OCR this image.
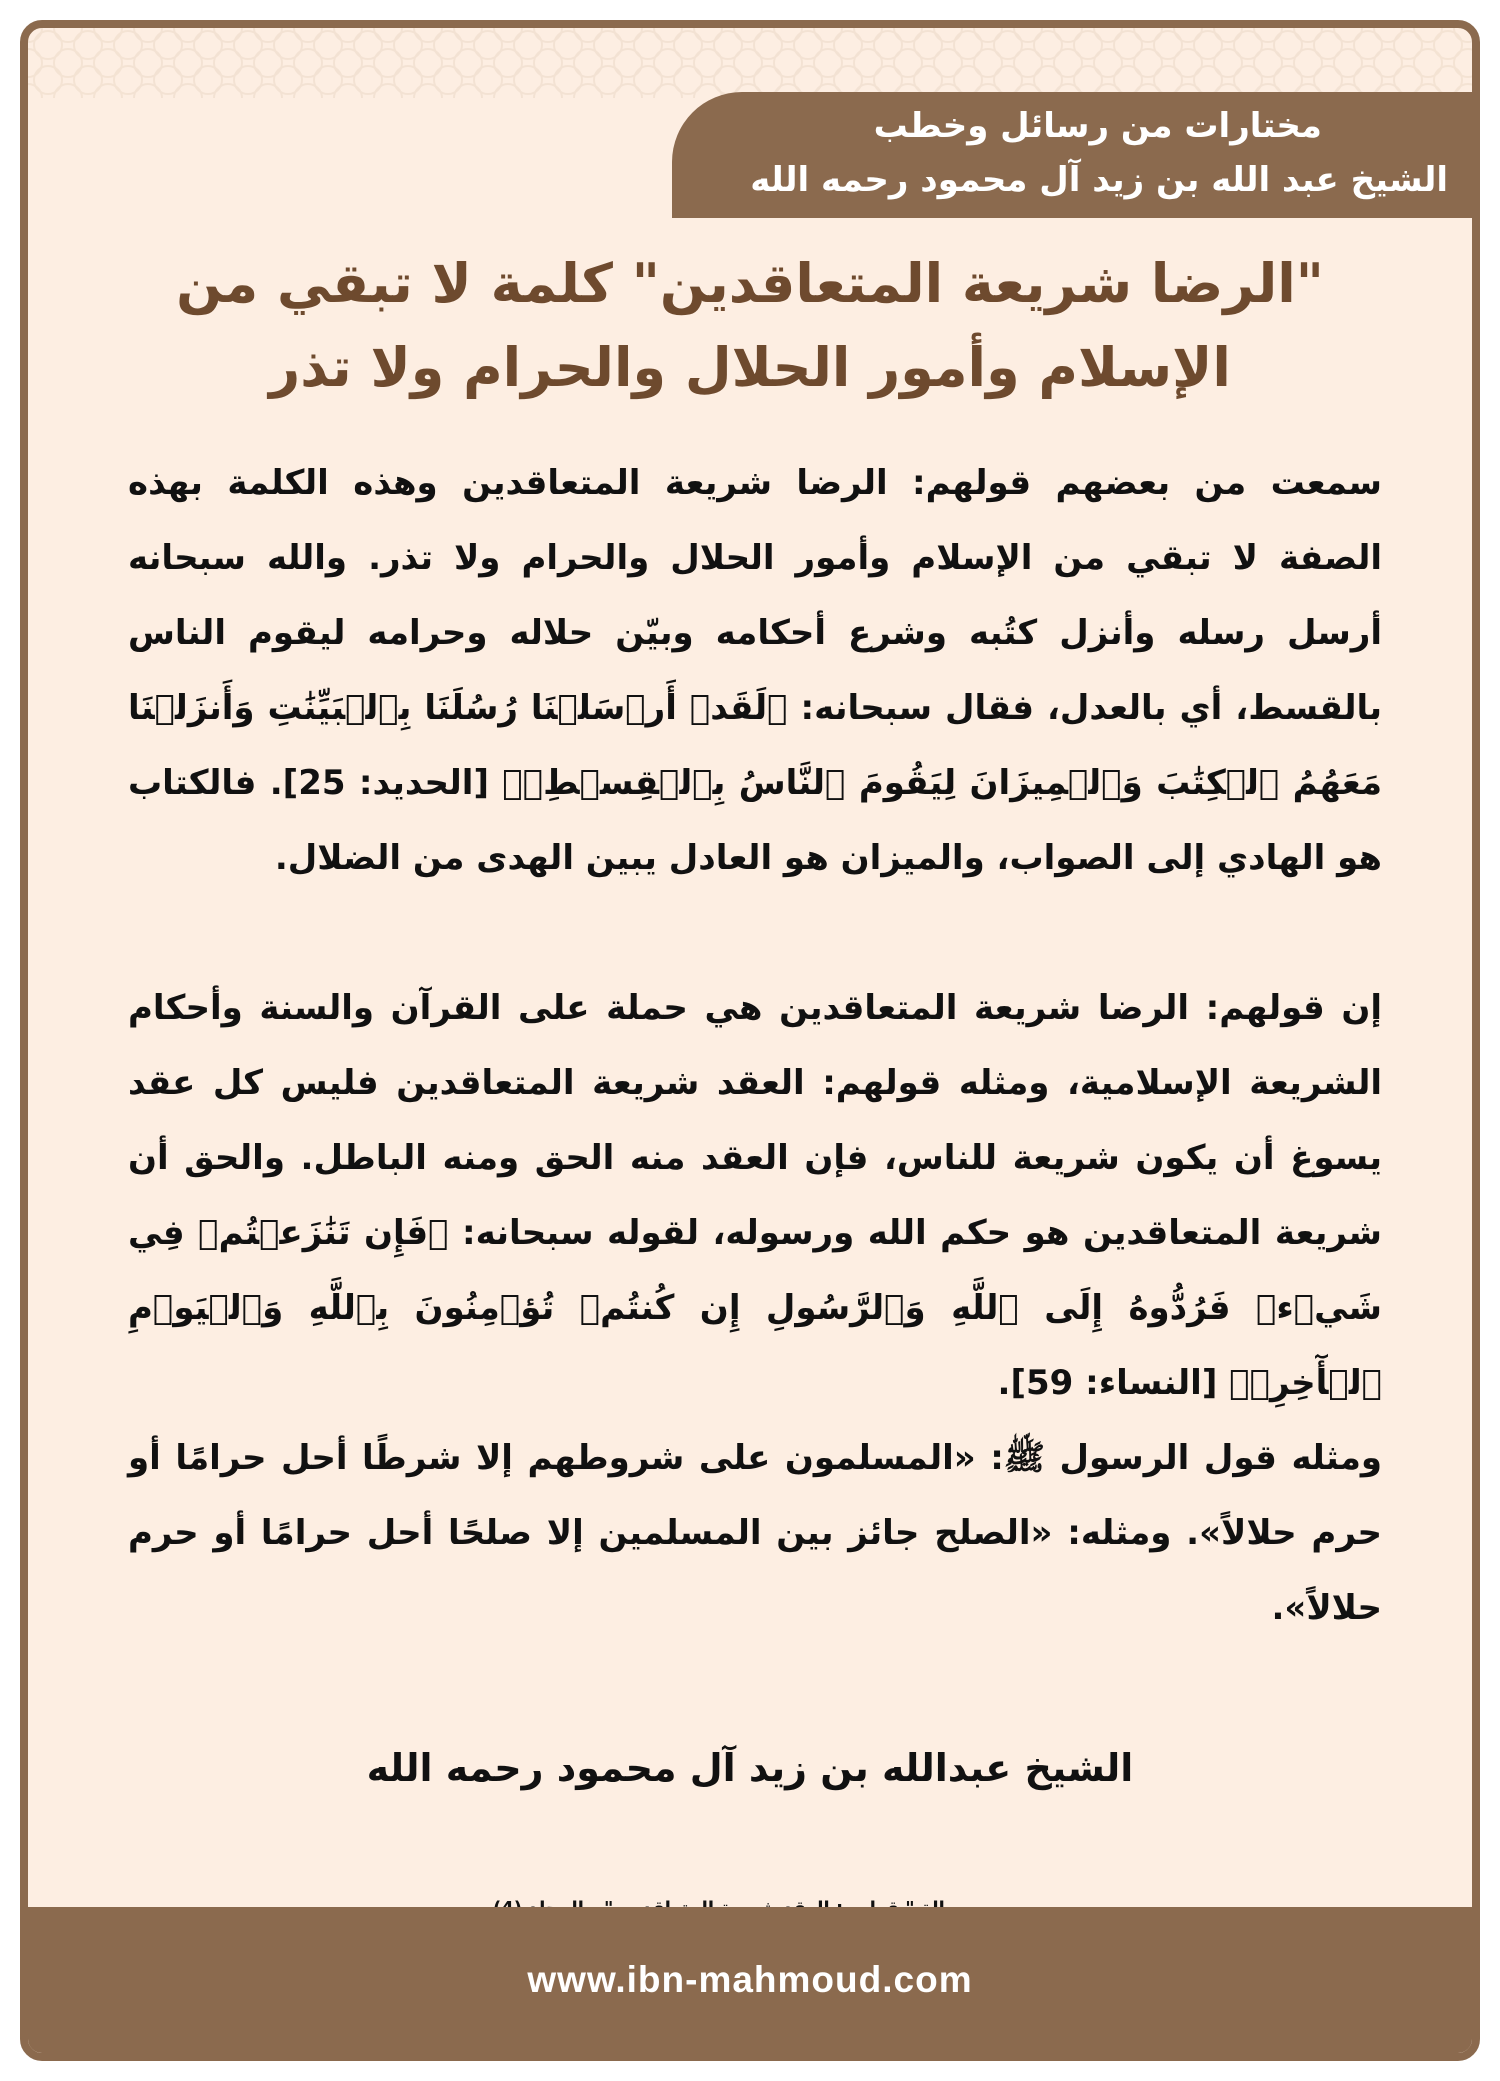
مختارات من رسائل وخطب
الشيخ عبد الله بن زيد آل محمود رحمه الله
"الرضا شريعة المتعاقدين" كلمة لا تبقي من الإسلام وأمور الحلال والحرام ولا تذر

سمعت من بعضهم قولهم: الرضا شريعة المتعاقدين وهذه الكلمة بهذه الصفة لا تبقي من الإسلام وأمور الحلال والحرام ولا تذر. والله سبحانه أرسل رسله وأنزل كتُبه وشرع أحكامه وبيّن حلاله وحرامه ليقوم الناس بالقسط، أي بالعدل، فقال سبحانه: ﴿لَقَدۡ أَرۡسَلۡنَا رُسُلَنَا بِٱلۡبَيِّنَٰتِ وَأَنزَلۡنَا مَعَهُمُ ٱلۡكِتَٰبَ وَٱلۡمِيزَانَ لِيَقُومَ ٱلنَّاسُ بِٱلۡقِسۡطِۖ﴾ [الحديد: 25]. فالكتاب هو الهادي إلى الصواب، والميزان هو العادل يبين الهدى من الضلال.

إن قولهم: الرضا شريعة المتعاقدين هي حملة على القرآن والسنة وأحكام الشريعة الإسلامية، ومثله قولهم: العقد شريعة المتعاقدين فليس كل عقد يسوغ أن يكون شريعة للناس، فإن العقد منه الحق ومنه الباطل. والحق أن شريعة المتعاقدين هو حكم الله ورسوله، لقوله سبحانه: ﴿فَإِن تَنَٰزَعۡتُمۡ فِي شَيۡءٖ فَرُدُّوهُ إِلَى ٱللَّهِ وَٱلرَّسُولِ إِن كُنتُمۡ تُؤۡمِنُونَ بِٱللَّهِ وَٱلۡيَوۡمِ ٱلۡأٓخِرِۚ﴾ [النساء: 59].

ومثله قول الرسول ﷺ: «المسلمون على شروطهم إلا شرطًا أحل حرامًا أو حرم حلالاً». ومثله: «الصلح جائز بين المسلمين إلا صلحًا أحل حرامًا أو حرم حلالاً».

الشيخ عبدالله بن زيد آل محمود رحمه الله
www.ibn-mahmoud.com
